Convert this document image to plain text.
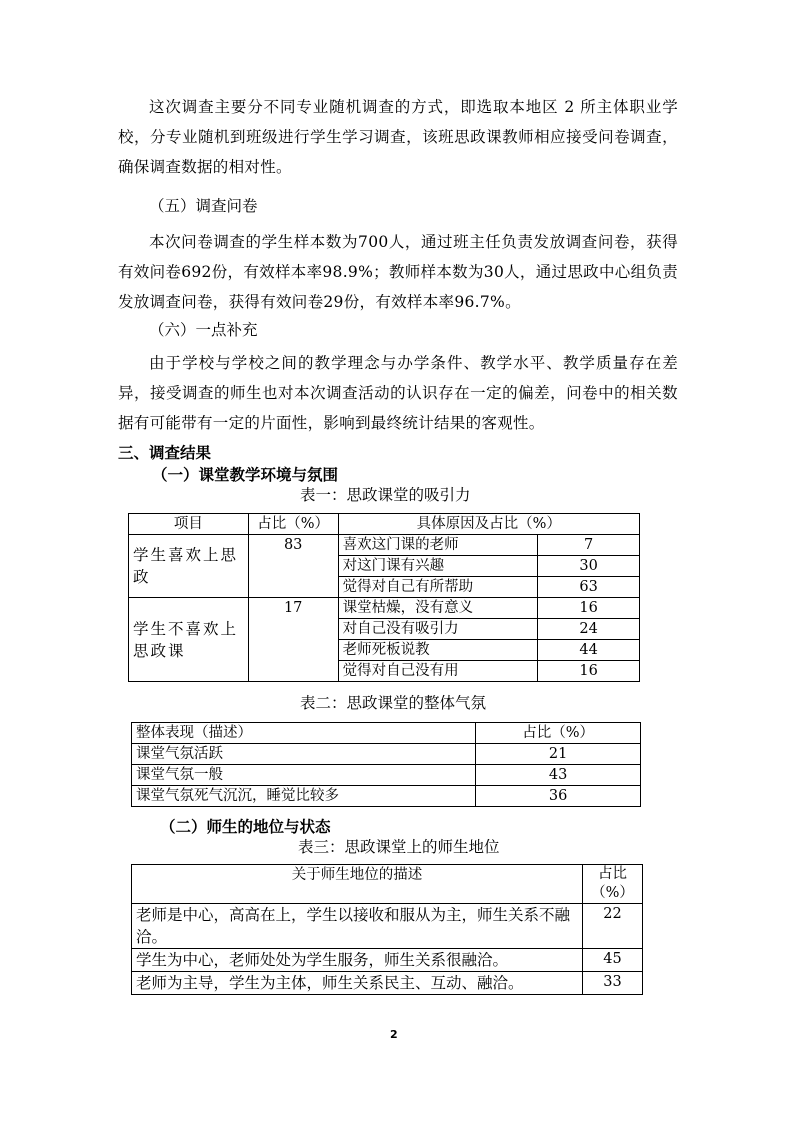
这次调查主要分不同专业随机调查的方式，即选取本地区 2 所主体职业学校，分专业随机到班级进行学生学习调查，该班思政课教师相应接受问卷调查，确保调查数据的相对性。

（五）调查问卷

本次问卷调查的学生样本数为700人，通过班主任负责发放调查问卷，获得有效问卷692份，有效样本率98.9%；教师样本数为30人，通过思政中心组负责发放调查问卷，获得有效问卷29份，有效样本率96.7%。

（六）一点补充

由于学校与学校之间的教学理念与办学条件、教学水平、教学质量存在差异，接受调查的师生也对本次调查活动的认识存在一定的偏差，问卷中的相关数据有可能带有一定的片面性，影响到最终统计结果的客观性。

三、调查结果
（一）课堂教学环境与氛围
表一：思政课堂的吸引力
项目	占比（%）	具体原因及占比（%）	
学生喜欢上思政	83	喜欢这门课的老师	7
		对这门课有兴趣	30
		觉得对自己有所帮助	63
学生不喜欢上思政课	17	课堂枯燥，没有意义	16
		对自己没有吸引力	24
		老师死板说教	44
		觉得对自己没有用	16
表二：思政课堂的整体气氛
整体表现（描述）	占比（%）
课堂气氛活跃	21
课堂气氛一般	43
课堂气氛死气沉沉，睡觉比较多	36
（二）师生的地位与状态
表三：思政课堂上的师生地位
关于师生地位的描述	占比（%）
老师是中心，高高在上，学生以接收和服从为主，师生关系不融洽。	22
学生为中心，老师处处为学生服务，师生关系很融洽。	45
老师为主导，学生为主体，师生关系民主、互动、融洽。	33
2
